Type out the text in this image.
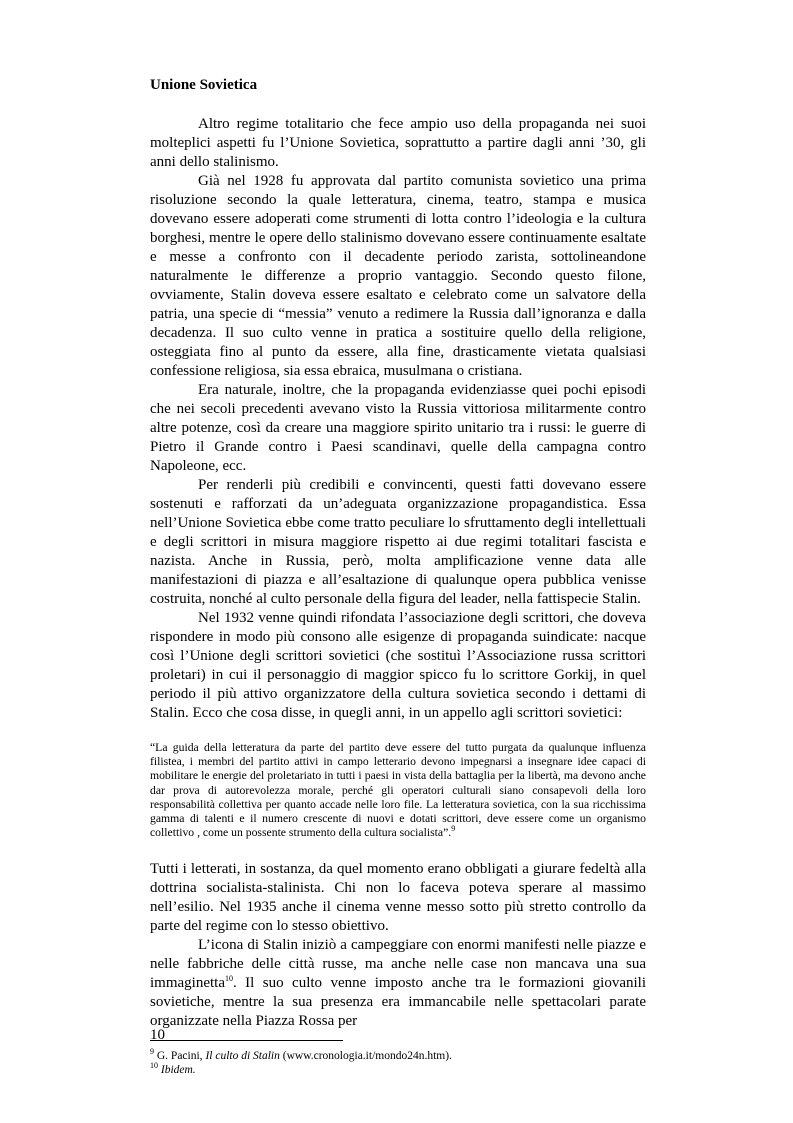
Unione Sovietica

Altro regime totalitario che fece ampio uso della propaganda nei suoi molteplici aspetti fu l’Unione Sovietica, soprattutto a partire dagli anni ’30, gli anni dello stalinismo.

Già nel 1928 fu approvata dal partito comunista sovietico una prima risoluzione secondo la quale letteratura, cinema, teatro, stampa e musica dovevano essere adoperati come strumenti di lotta contro l’ideologia e la cultura borghesi, mentre le opere dello stalinismo dovevano essere continuamente esaltate e messe a confronto con il decadente periodo zarista, sottolineandone naturalmente le differenze a proprio vantaggio. Secondo questo filone, ovviamente, Stalin doveva essere esaltato e celebrato come un salvatore della patria, una specie di “messia” venuto a redimere la Russia dall’ignoranza e dalla decadenza. Il suo culto venne in pratica a sostituire quello della religione, osteggiata fino al punto da essere, alla fine, drasticamente vietata qualsiasi confessione religiosa, sia essa ebraica, musulmana o cristiana.

Era naturale, inoltre, che la propaganda evidenziasse quei pochi episodi che nei secoli precedenti avevano visto la Russia vittoriosa militarmente contro altre potenze, così da creare una maggiore spirito unitario tra i russi: le guerre di Pietro il Grande contro i Paesi scandinavi, quelle della campagna contro Napoleone, ecc.

Per renderli più credibili e convincenti, questi fatti dovevano essere sostenuti e rafforzati da un’adeguata organizzazione propagandistica. Essa nell’Unione Sovietica ebbe come tratto peculiare lo sfruttamento degli intellettuali e degli scrittori in misura maggiore rispetto ai due regimi totalitari fascista e nazista. Anche in Russia, però, molta amplificazione venne data alle manifestazioni di piazza e all’esaltazione di qualunque opera pubblica venisse costruita, nonché al culto personale della figura del leader, nella fattispecie Stalin.

Nel 1932 venne quindi rifondata l’associazione degli scrittori, che doveva rispondere in modo più consono alle esigenze di propaganda suindicate: nacque così l’Unione degli scrittori sovietici (che sostituì l’Associazione russa scrittori proletari) in cui il personaggio di maggior spicco fu lo scrittore Gorkij, in quel periodo il più attivo organizzatore della cultura sovietica secondo i dettami di Stalin. Ecco che cosa disse, in quegli anni, in un appello agli scrittori sovietici:

“La guida della letteratura da parte del partito deve essere del tutto purgata da qualunque influenza filistea, i membri del partito attivi in campo letterario devono impegnarsi a insegnare idee capaci di mobilitare le energie del proletariato in tutti i paesi in vista della battaglia per la libertà, ma devono anche dar prova di autorevolezza morale, perché gli operatori culturali siano consapevoli della loro responsabilità collettiva per quanto accade nelle loro file. La letteratura sovietica, con la sua ricchissima gamma di talenti e il numero crescente di nuovi e dotati scrittori, deve essere come un organismo collettivo , come un possente strumento della cultura socialista”.$^9$

Tutti i letterati, in sostanza, da quel momento erano obbligati a giurare fedeltà alla dottrina socialista-stalinista. Chi non lo faceva poteva sperare al massimo nell’esilio. Nel 1935 anche il cinema venne messo sotto più stretto controllo da parte del regime con lo stesso obiettivo.

L’icona di Stalin iniziò a campeggiare con enormi manifesti nelle piazze e nelle fabbriche delle città russe, ma anche nelle case non mancava una sua immaginetta$^{10}$. Il suo culto venne imposto anche tra le formazioni giovanili sovietiche, mentre la sua presenza era immancabile nelle spettacolari parate organizzate nella Piazza Rossa per

$^9$ G. Pacini, Il culto di Stalin (www.cronologia.it/mondo24n.htm).

$^{10}$ Ibidem.

10
